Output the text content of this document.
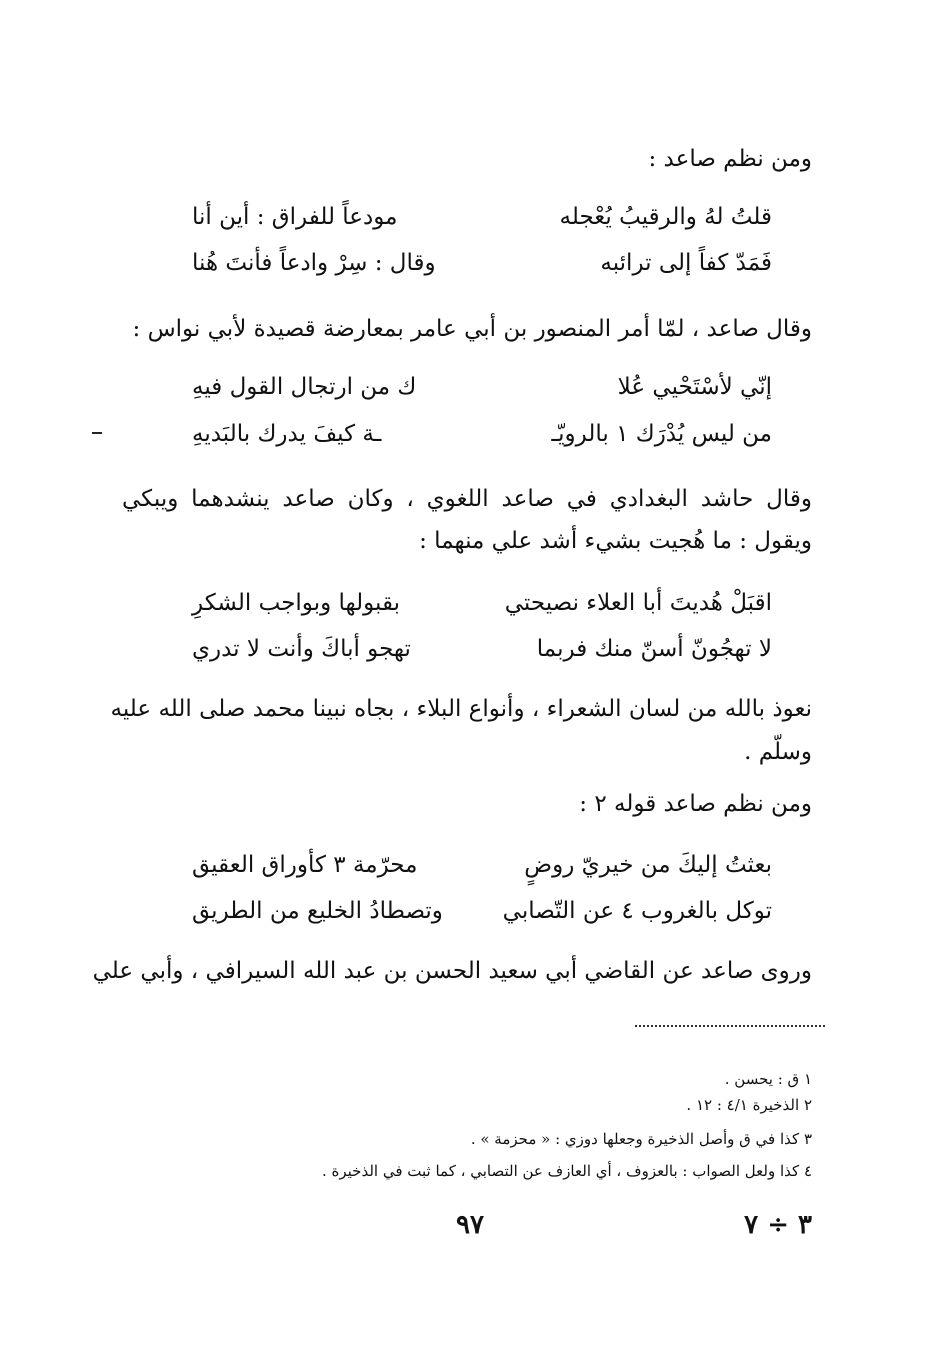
ومن نظم صاعد :
قلتُ لهُ والرقيبُ يُعْجله
مودعاً للفراق : أين أنا
فَمَدّ كفاً إلى ترائبه
وقال : سِرْ وادعاً فأنتَ هُنا
وقال صاعد ، لمّا أمر المنصور بن أبي عامر بمعارضة قصيدة لأبي نواس :
إنّي لأسْتَحْيي عُلا
ك من ارتجال القول فيهِ
من ليس يُدْرَك ١ بالرويّـ
ـة كيفَ يدرك بالبَديهِ
وقال حاشد البغدادي في صاعد اللغوي ، وكان صاعد ينشدهما ويبكي
ويقول : ما هُجيت بشيء أشد علي منهما :
اقبَلْ هُديتَ أبا العلاء نصيحتي
بقبولها وبواجب الشكرِ
لا تهجُونّ أسنّ منك فربما
تهجو أباكَ وأنت لا تدري
نعوذ بالله من لسان الشعراء ، وأنواع البلاء ، بجاه نبينا محمد صلى الله عليه
وسلّم .
ومن نظم صاعد قوله ٢ :
بعثتُ إليكَ من خيريّ روضٍ
محرّمة ٣ كأوراق العقيق
توكل بالغروب ٤ عن التّصابي
وتصطادُ الخليع من الطريق
وروى صاعد عن القاضي أبي سعيد الحسن بن عبد الله السيرافي ، وأبي علي
١ ق : يحسن .
٢ الذخيرة ٤/١ : ١٢ .
٣ كذا في ق وأصل الذخيرة وجعلها دوزي : « محزمة » .
٤ كذا ولعل الصواب : بالعزوف ، أي العازف عن التصابي ، كما ثبت في الذخيرة .
٩٧	٣ ÷ ٧
